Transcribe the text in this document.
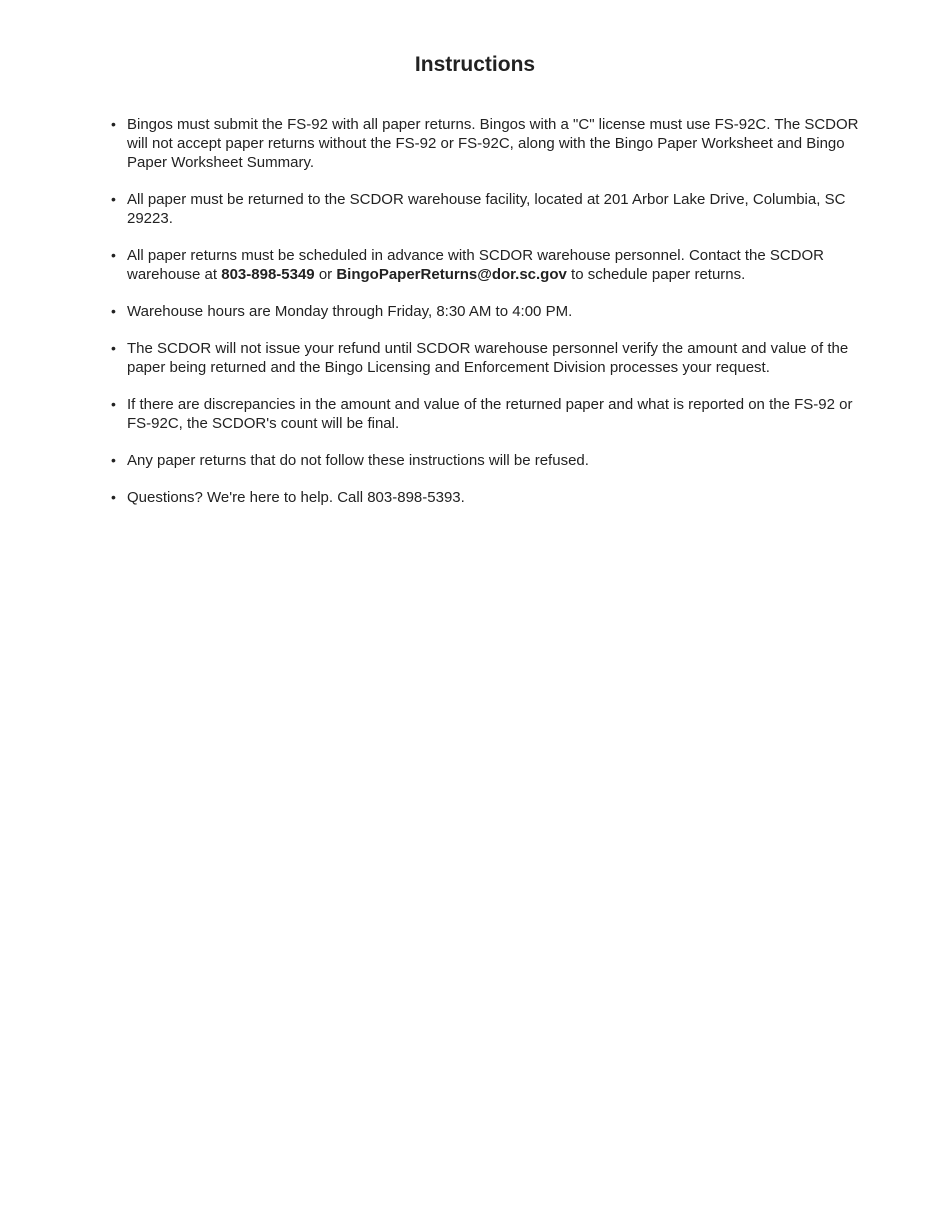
Instructions
• Bingos must submit the FS-92 with all paper returns. Bingos with a "C" license must use FS-92C. The SCDOR will not accept paper returns without the FS-92 or FS-92C, along with the Bingo Paper Worksheet and Bingo Paper Worksheet Summary.
• All paper must be returned to the SCDOR warehouse facility, located at 201 Arbor Lake Drive, Columbia, SC 29223.
• All paper returns must be scheduled in advance with SCDOR warehouse personnel. Contact the SCDOR warehouse at 803-898-5349 or BingoPaperReturns@dor.sc.gov to schedule paper returns.
• Warehouse hours are Monday through Friday, 8:30 AM to 4:00 PM.
• The SCDOR will not issue your refund until SCDOR warehouse personnel verify the amount and value of the paper being returned and the Bingo Licensing and Enforcement Division processes your request.
• If there are discrepancies in the amount and value of the returned paper and what is reported on the FS-92 or FS-92C, the SCDOR's count will be final.
• Any paper returns that do not follow these instructions will be refused.
• Questions? We're here to help. Call 803-898-5393.
